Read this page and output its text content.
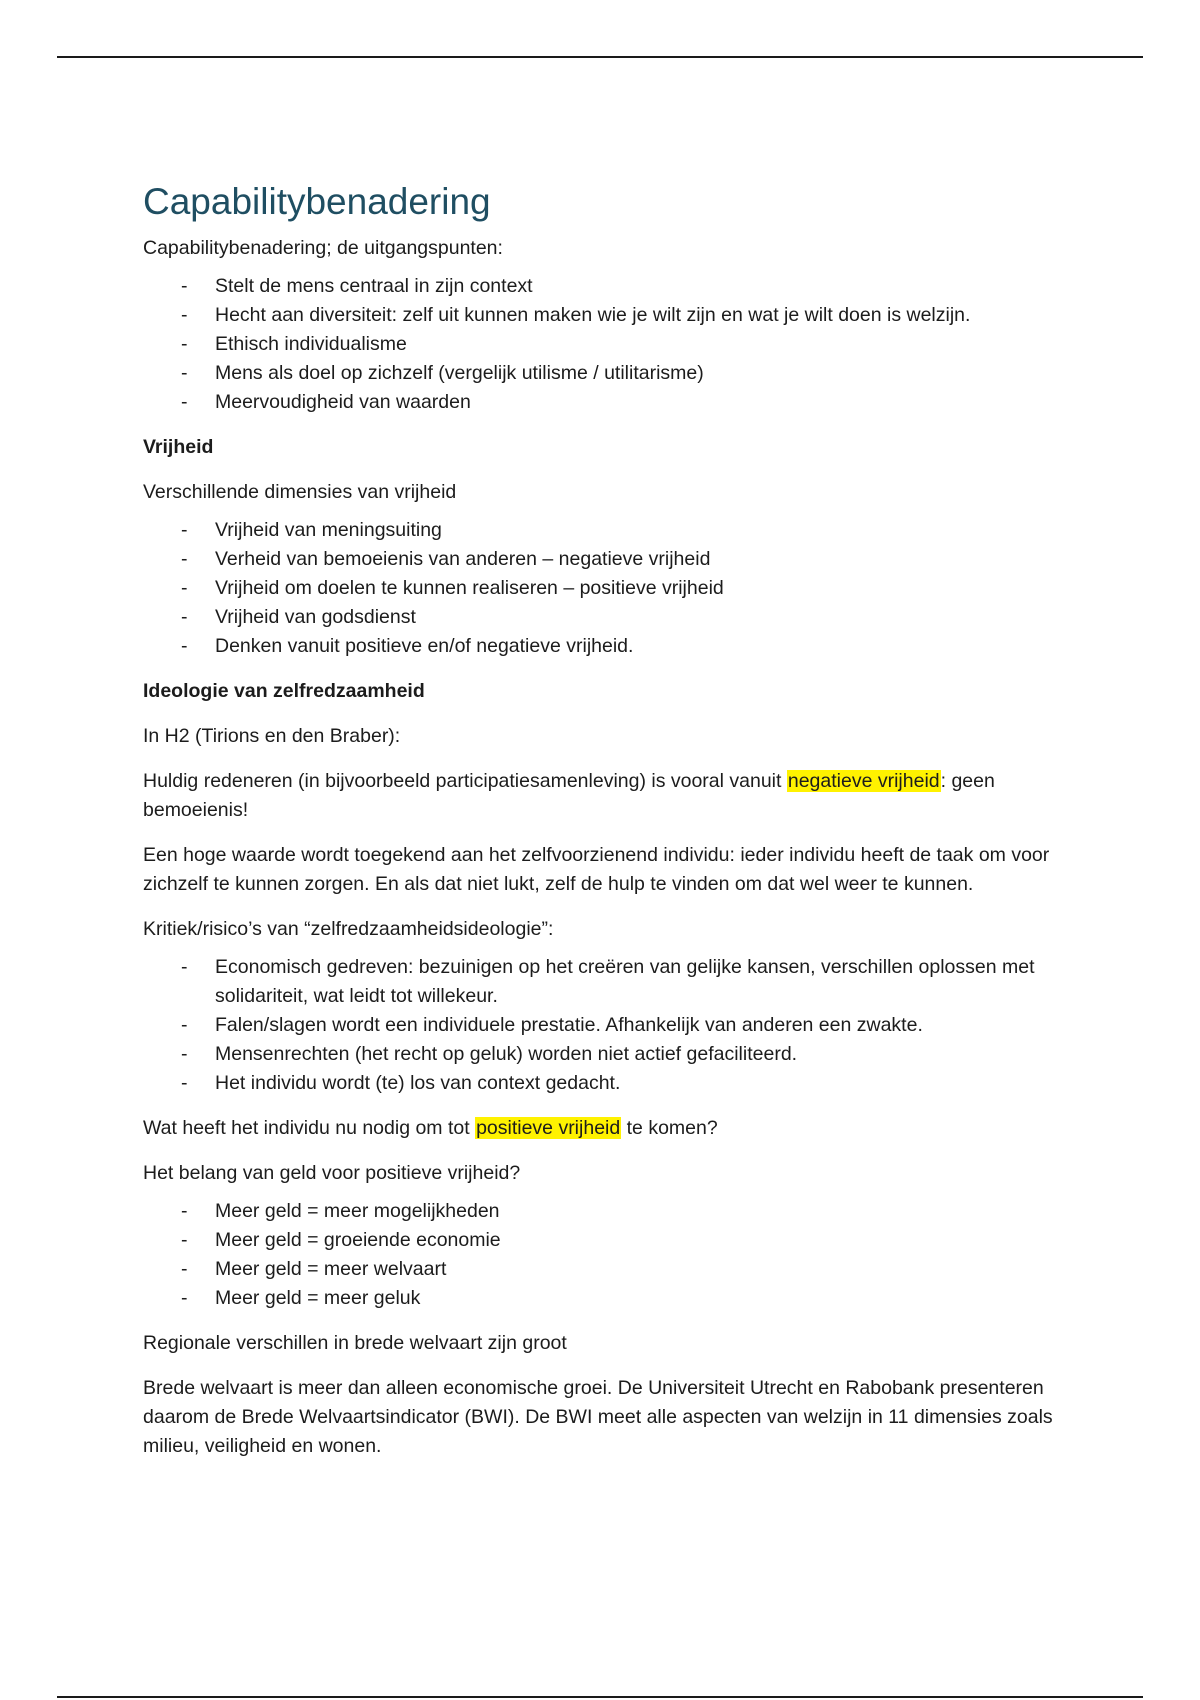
Capabilitybenadering

Capabilitybenadering; de uitgangspunten:

- Stelt de mens centraal in zijn context
- Hecht aan diversiteit: zelf uit kunnen maken wie je wilt zijn en wat je wilt doen is welzijn.
- Ethisch individualisme
- Mens als doel op zichzelf (vergelijk utilisme / utilitarisme)
- Meervoudigheid van waarden

Vrijheid

Verschillende dimensies van vrijheid

- Vrijheid van meningsuiting
- Verheid van bemoeienis van anderen – negatieve vrijheid
- Vrijheid om doelen te kunnen realiseren – positieve vrijheid
- Vrijheid van godsdienst
- Denken vanuit positieve en/of negatieve vrijheid.

Ideologie van zelfredzaamheid

In H2 (Tirions en den Braber):

Huldig redeneren (in bijvoorbeeld participatiesamenleving) is vooral vanuit negatieve vrijheid: geen bemoeienis!

Een hoge waarde wordt toegekend aan het zelfvoorzienend individu: ieder individu heeft de taak om voor zichzelf te kunnen zorgen. En als dat niet lukt, zelf de hulp te vinden om dat wel weer te kunnen.

Kritiek/risico’s van “zelfredzaamheidsideologie”:

- Economisch gedreven: bezuinigen op het creëren van gelijke kansen, verschillen oplossen met solidariteit, wat leidt tot willekeur.
- Falen/slagen wordt een individuele prestatie. Afhankelijk van anderen een zwakte.
- Mensenrechten (het recht op geluk) worden niet actief gefaciliteerd.
- Het individu wordt (te) los van context gedacht.

Wat heeft het individu nu nodig om tot positieve vrijheid te komen?

Het belang van geld voor positieve vrijheid?

- Meer geld = meer mogelijkheden
- Meer geld = groeiende economie
- Meer geld = meer welvaart
- Meer geld = meer geluk

Regionale verschillen in brede welvaart zijn groot

Brede welvaart is meer dan alleen economische groei. De Universiteit Utrecht en Rabobank presenteren daarom de Brede Welvaartsindicator (BWI). De BWI meet alle aspecten van welzijn in 11 dimensies zoals milieu, veiligheid en wonen.
